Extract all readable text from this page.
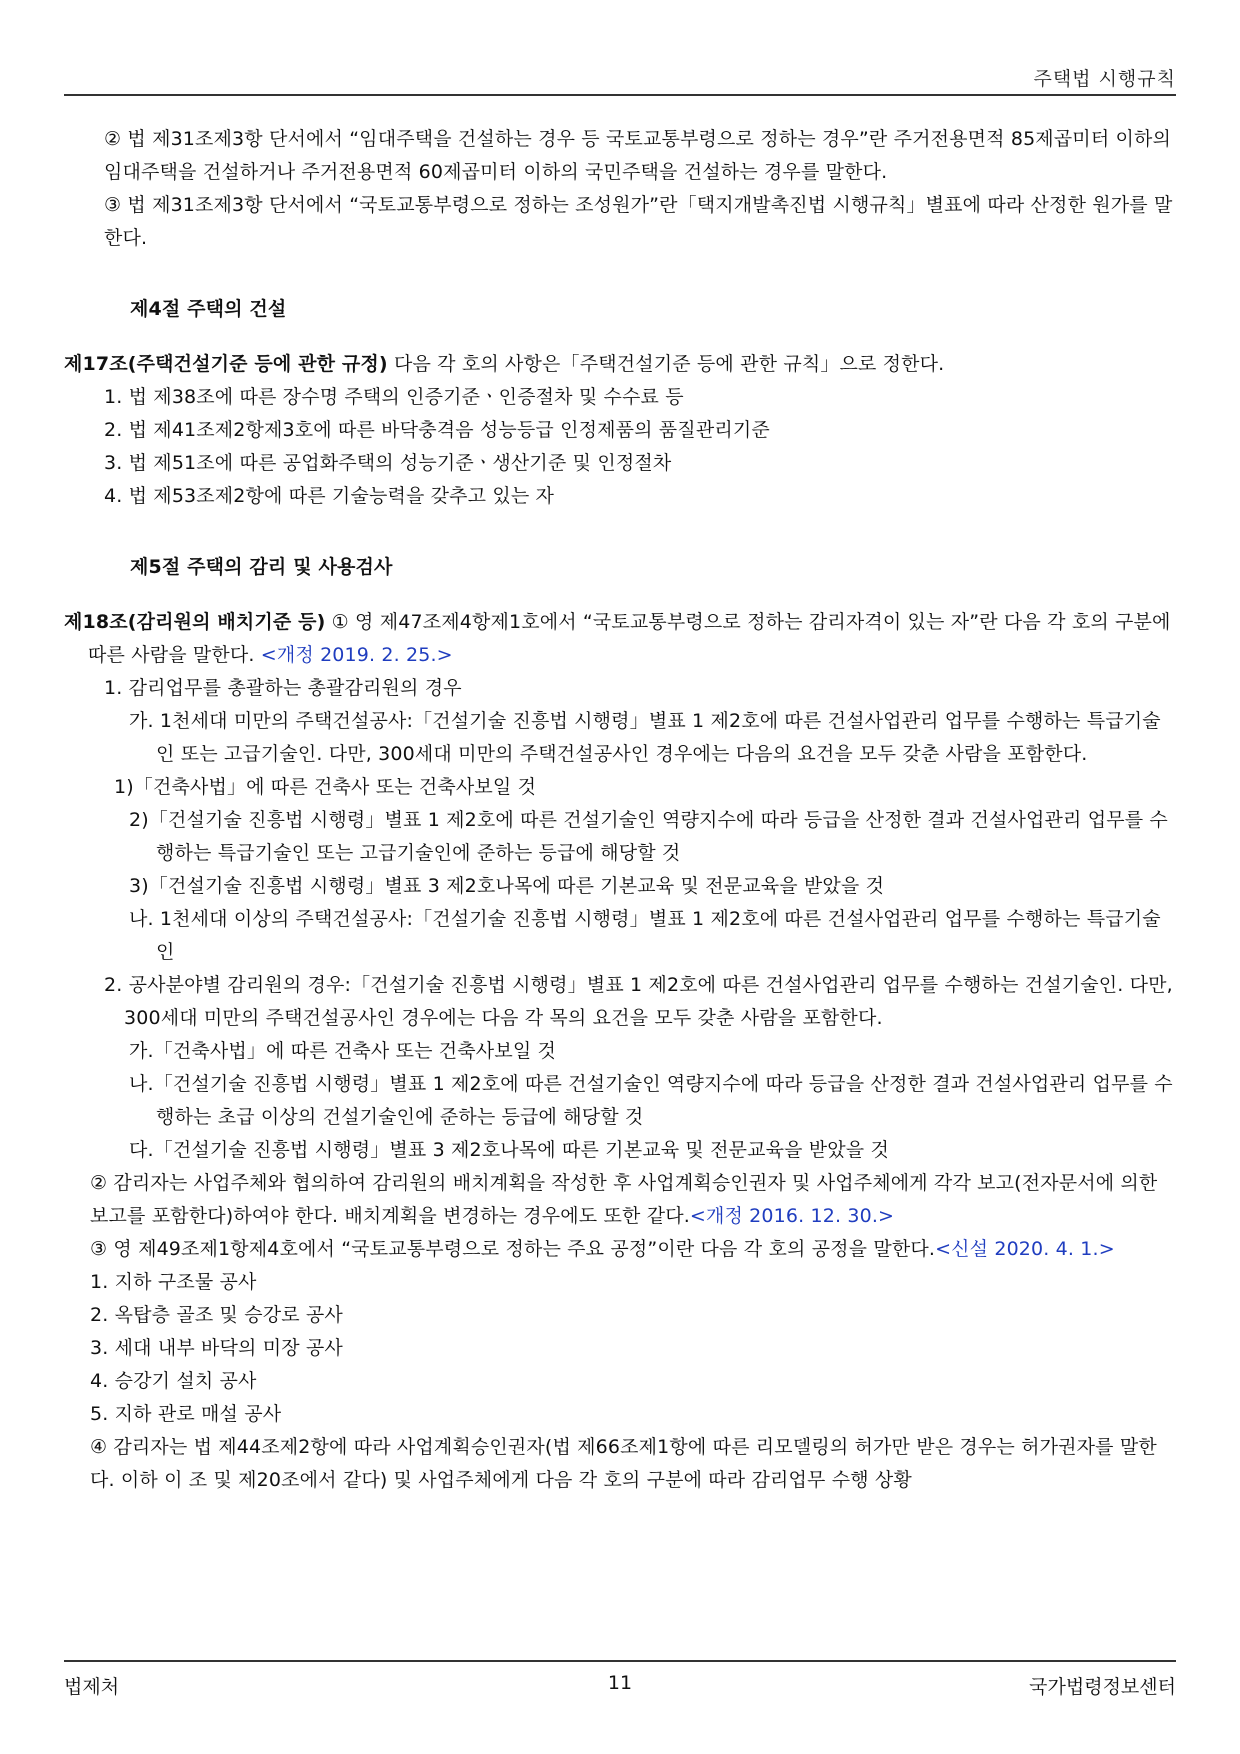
주택법 시행규칙

② 법 제31조제3항 단서에서 “임대주택을 건설하는 경우 등 국토교통부령으로 정하는 경우”란 주거전용면적 85제곱미터 이하의 임대주택을 건설하거나 주거전용면적 60제곱미터 이하의 국민주택을 건설하는 경우를 말한다.

③ 법 제31조제3항 단서에서 “국토교통부령으로 정하는 조성원가”란「택지개발촉진법 시행규칙」별표에 따라 산정한 원가를 말한다.

제4절 주택의 건설

제17조(주택건설기준 등에 관한 규정) 다음 각 호의 사항은「주택건설기준 등에 관한 규칙」으로 정한다.

1. 법 제38조에 따른 장수명 주택의 인증기준ㆍ인증절차 및 수수료 등

2. 법 제41조제2항제3호에 따른 바닥충격음 성능등급 인정제품의 품질관리기준

3. 법 제51조에 따른 공업화주택의 성능기준ㆍ생산기준 및 인정절차

4. 법 제53조제2항에 따른 기술능력을 갖추고 있는 자

제5절 주택의 감리 및 사용검사

제18조(감리원의 배치기준 등) ① 영 제47조제4항제1호에서 “국토교통부령으로 정하는 감리자격이 있는 자”란 다음 각 호의 구분에 따른 사람을 말한다. <개정 2019. 2. 25.>

1. 감리업무를 총괄하는 총괄감리원의 경우

가. 1천세대 미만의 주택건설공사:「건설기술 진흥법 시행령」별표 1 제2호에 따른 건설사업관리 업무를 수행하는 특급기술인 또는 고급기술인. 다만, 300세대 미만의 주택건설공사인 경우에는 다음의 요건을 모두 갖춘 사람을 포함한다.

1)「건축사법」에 따른 건축사 또는 건축사보일 것

2)「건설기술 진흥법 시행령」별표 1 제2호에 따른 건설기술인 역량지수에 따라 등급을 산정한 결과 건설사업관리 업무를 수행하는 특급기술인 또는 고급기술인에 준하는 등급에 해당할 것

3)「건설기술 진흥법 시행령」별표 3 제2호나목에 따른 기본교육 및 전문교육을 받았을 것

나. 1천세대 이상의 주택건설공사:「건설기술 진흥법 시행령」별표 1 제2호에 따른 건설사업관리 업무를 수행하는 특급기술인

2. 공사분야별 감리원의 경우:「건설기술 진흥법 시행령」별표 1 제2호에 따른 건설사업관리 업무를 수행하는 건설기술인. 다만, 300세대 미만의 주택건설공사인 경우에는 다음 각 목의 요건을 모두 갖춘 사람을 포함한다.

가.「건축사법」에 따른 건축사 또는 건축사보일 것

나.「건설기술 진흥법 시행령」별표 1 제2호에 따른 건설기술인 역량지수에 따라 등급을 산정한 결과 건설사업관리 업무를 수행하는 초급 이상의 건설기술인에 준하는 등급에 해당할 것

다.「건설기술 진흥법 시행령」별표 3 제2호나목에 따른 기본교육 및 전문교육을 받았을 것

② 감리자는 사업주체와 협의하여 감리원의 배치계획을 작성한 후 사업계획승인권자 및 사업주체에게 각각 보고(전자문서에 의한 보고를 포함한다)하여야 한다. 배치계획을 변경하는 경우에도 또한 같다.<개정 2016. 12. 30.>

③ 영 제49조제1항제4호에서 “국토교통부령으로 정하는 주요 공정”이란 다음 각 호의 공정을 말한다.<신설 2020. 4. 1.>

1. 지하 구조물 공사

2. 옥탑층 골조 및 승강로 공사

3. 세대 내부 바닥의 미장 공사

4. 승강기 설치 공사

5. 지하 관로 매설 공사

④ 감리자는 법 제44조제2항에 따라 사업계획승인권자(법 제66조제1항에 따른 리모델링의 허가만 받은 경우는 허가권자를 말한다. 이하 이 조 및 제20조에서 같다) 및 사업주체에게 다음 각 호의 구분에 따라 감리업무 수행 상황

법제처	11	국가법령정보센터
